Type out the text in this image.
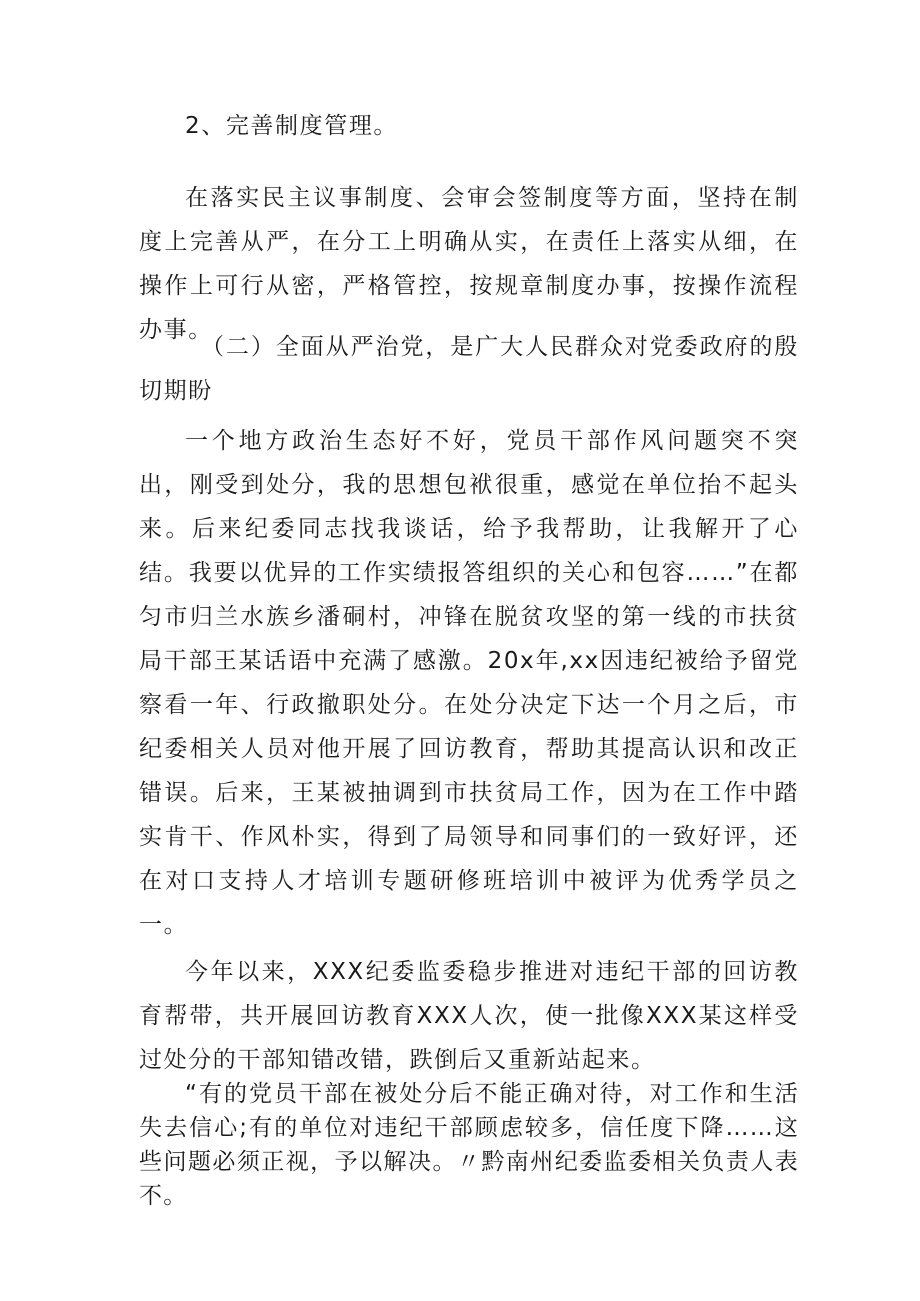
2、完善制度管理。

在落实民主议事制度、会审会签制度等方面，坚持在制度上完善从严，在分工上明确从实，在责任上落实从细，在操作上可行从密，严格管控，按规章制度办事，按操作流程办事。

（二）全面从严治党，是广大人民群众对党委政府的殷切期盼

一个地方政治生态好不好，党员干部作风问题突不突出，刚受到处分，我的思想包袱很重，感觉在单位抬不起头来。后来纪委同志找我谈话，给予我帮助，让我解开了心结。我要以优异的工作实绩报答组织的关心和包容……”在都匀市归兰水族乡潘硐村，冲锋在脱贫攻坚的第一线的市扶贫局干部王某话语中充满了感激。20x年,xx因违纪被给予留党察看一年、行政撤职处分。在处分决定下达一个月之后，市纪委相关人员对他开展了回访教育，帮助其提高认识和改正错误。后来，王某被抽调到市扶贫局工作，因为在工作中踏实肯干、作风朴实，得到了局领导和同事们的一致好评，还在对口支持人才培训专题研修班培训中被评为优秀学员之一。

今年以来，XXX纪委监委稳步推进对违纪干部的回访教育帮带，共开展回访教育XXX人次，使一批像XXX某这样受过处分的干部知错改错，跌倒后又重新站起来。

“有的党员干部在被处分后不能正确对待，对工作和生活失去信心;有的单位对违纪干部顾虑较多，信任度下降……这些问题必须正视，予以解决。〃黔南州纪委监委相关负责人表不。
